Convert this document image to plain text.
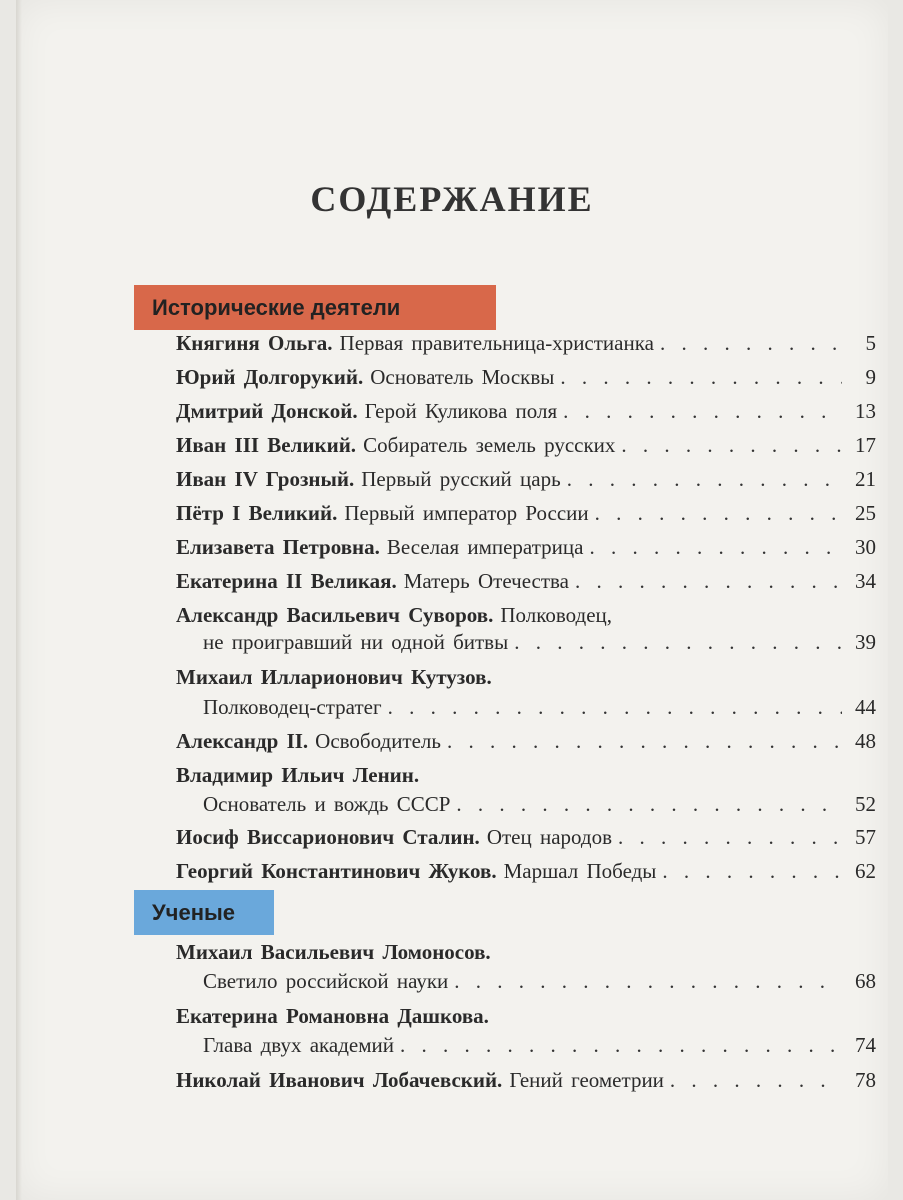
СОДЕРЖАНИЕ
Исторические деятели
Княгиня Ольга. Первая правительница-христианка . . .	5
Юрий Долгорукий. Основатель Москвы . . .	9
Дмитрий Донской. Герой Куликова поля . . .	13
Иван III Великий. Собиратель земель русских . . .	17
Иван IV Грозный. Первый русский царь . . .	21
Пётр I Великий. Первый император России . . .	25
Елизавета Петровна. Веселая императрица . . .	30
Екатерина II Великая. Матерь Отечества . . .	34
Александр Васильевич Суворов. Полководец,
не проигравший ни одной битвы . . .	39
Михаил Илларионович Кутузов.
Полководец-стратег . . .	44
Александр II. Освободитель . . .	48
Владимир Ильич Ленин.
Основатель и вождь СССР . . .	52
Иосиф Виссарионович Сталин. Отец народов . . .	57
Георгий Константинович Жуков. Маршал Победы . . .	62
Ученые
Михаил Васильевич Ломоносов.
Светило российской науки . . .	68
Екатерина Романовна Дашкова.
Глава двух академий . . .	74
Николай Иванович Лобачевский. Гений геометрии . . .	78
